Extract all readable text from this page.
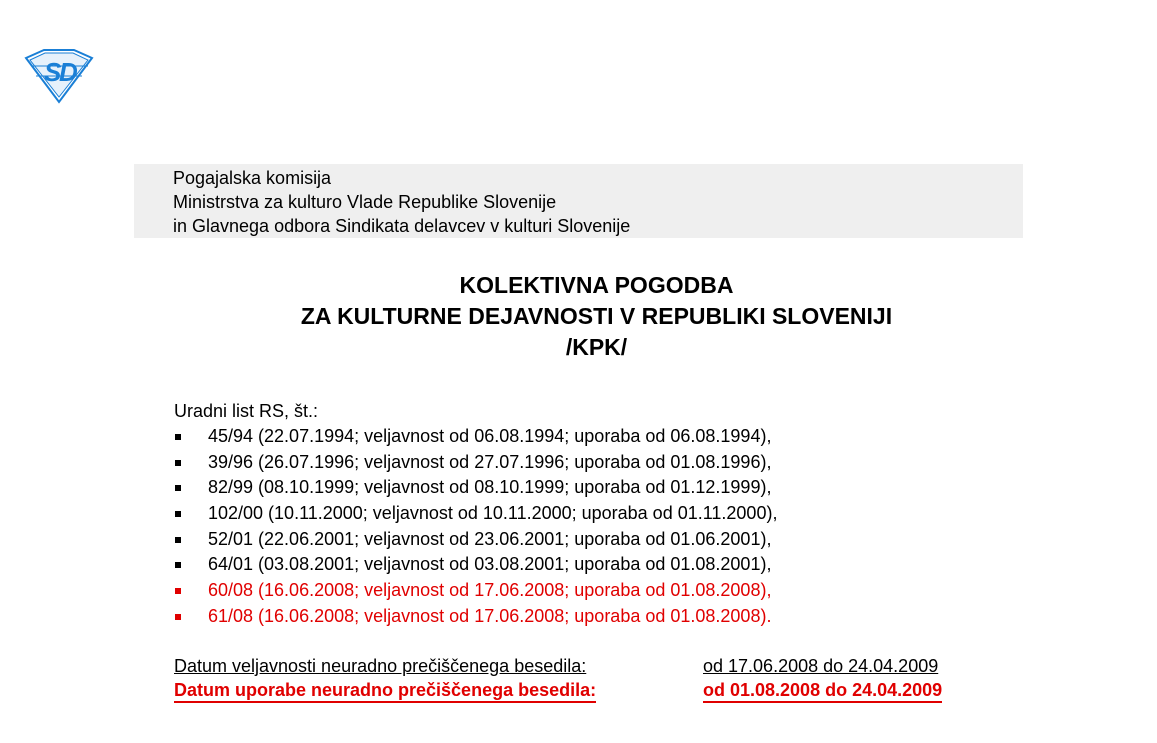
S
D
Pogajalska komisija
Ministrstva za kulturo Vlade Republike Slovenije
in Glavnega odbora Sindikata delavcev v kulturi Slovenije
KOLEKTIVNA POGODBA
ZA KULTURNE DEJAVNOSTI V REPUBLIKI SLOVENIJI
/KPK/
Uradni list RS, št.:
45/94 (22.07.1994; veljavnost od 06.08.1994; uporaba od 06.08.1994),
39/96 (26.07.1996; veljavnost od 27.07.1996; uporaba od 01.08.1996),
82/99 (08.10.1999; veljavnost od 08.10.1999; uporaba od 01.12.1999),
102/00 (10.11.2000; veljavnost od 10.11.2000; uporaba od 01.11.2000),
52/01 (22.06.2001; veljavnost od 23.06.2001; uporaba od 01.06.2001),
64/01 (03.08.2001; veljavnost od 03.08.2001; uporaba od 01.08.2001),
60/08 (16.06.2008; veljavnost od 17.06.2008; uporaba od 01.08.2008),
61/08 (16.06.2008; veljavnost od 17.06.2008; uporaba od 01.08.2008).
Datum veljavnosti neuradno prečiščenega besedila:	od 17.06.2008 do 24.04.2009
Datum uporabe neuradno prečiščenega besedila:	od 01.08.2008 do 24.04.2009
